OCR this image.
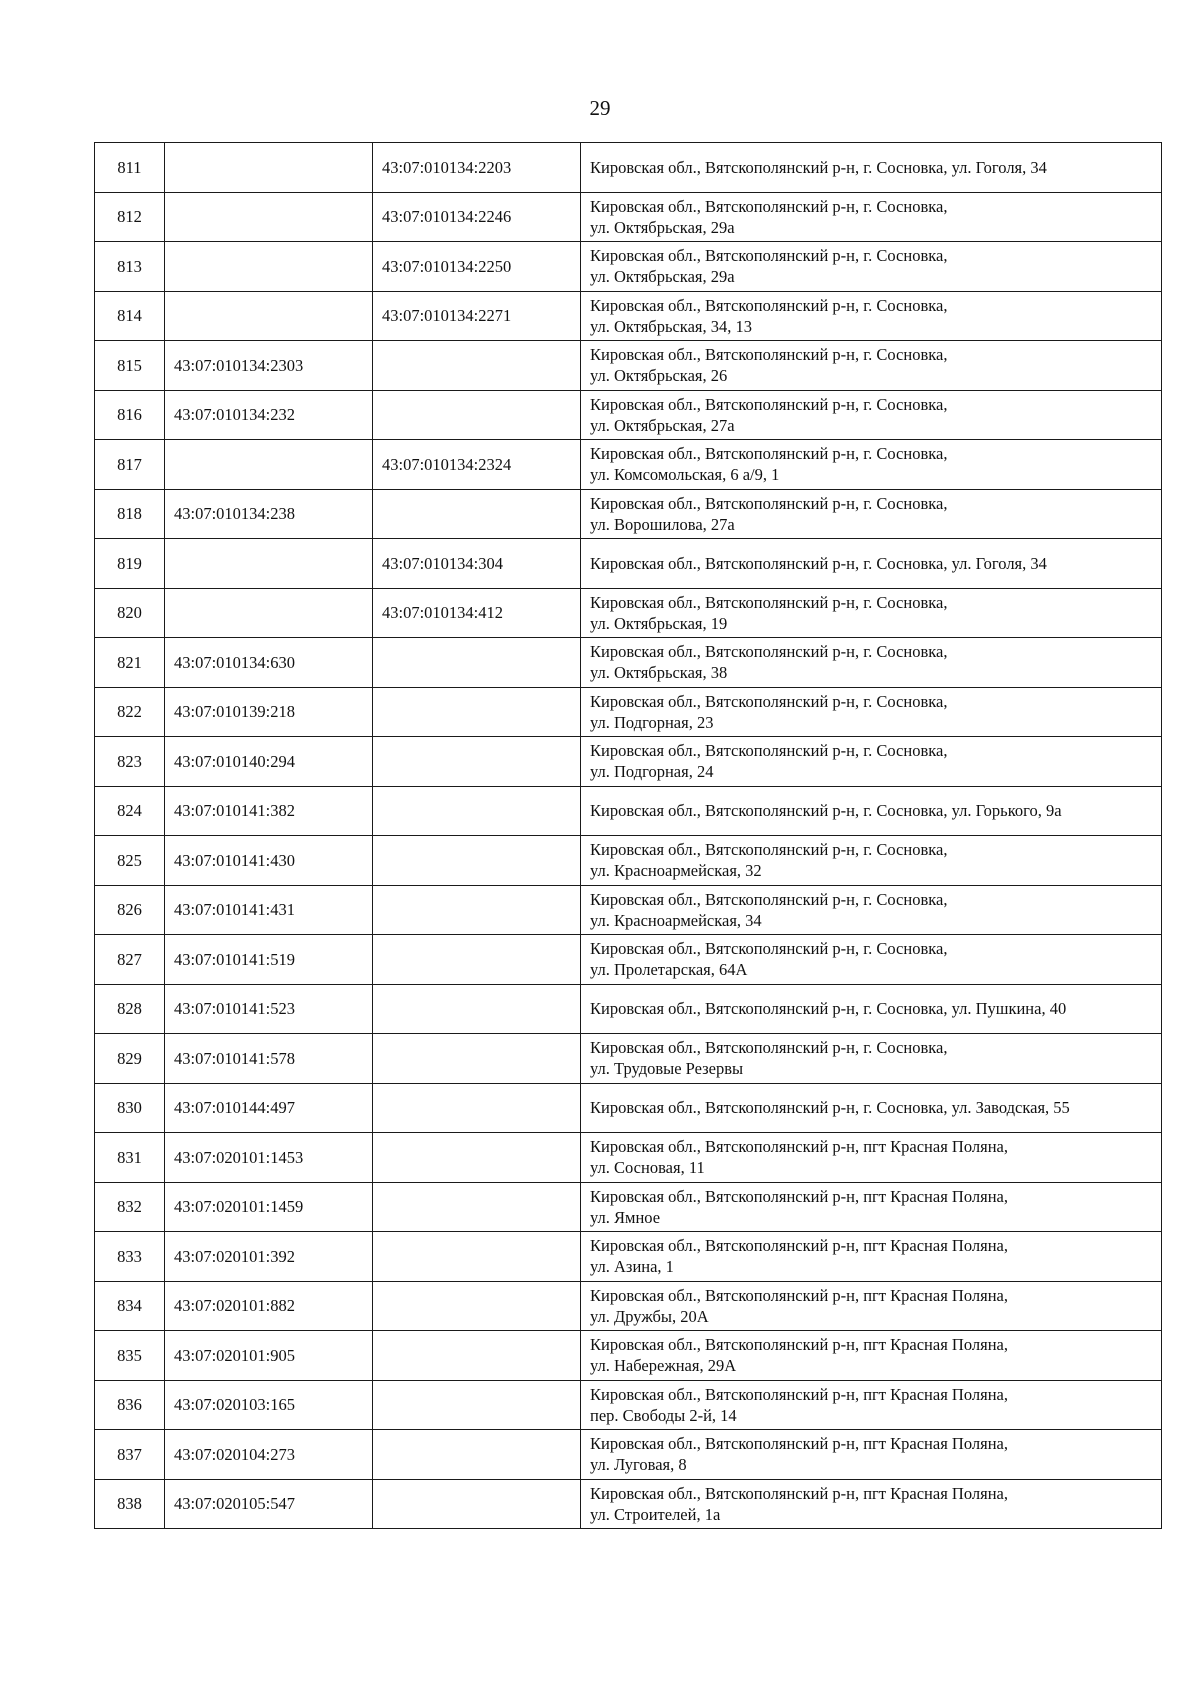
29
811		43:07:010134:2203	Кировская обл., Вятскополянский р-н, г. Сосновка, ул. Гоголя, 34

812		43:07:010134:2246	Кировская обл., Вятскополянский р-н, г. Сосновка,
ул. Октябрьская, 29а

813		43:07:010134:2250	Кировская обл., Вятскополянский р-н, г. Сосновка,
ул. Октябрьская, 29а

814		43:07:010134:2271	Кировская обл., Вятскополянский р-н, г. Сосновка,
ул. Октябрьская, 34, 13

815	43:07:010134:2303		Кировская обл., Вятскополянский р-н, г. Сосновка,
ул. Октябрьская, 26

816	43:07:010134:232		Кировская обл., Вятскополянский р-н, г. Сосновка,
ул. Октябрьская, 27а

817		43:07:010134:2324	Кировская обл., Вятскополянский р-н, г. Сосновка,
ул. Комсомольская, 6 а/9, 1

818	43:07:010134:238		Кировская обл., Вятскополянский р-н, г. Сосновка,
ул. Ворошилова, 27а

819		43:07:010134:304	Кировская обл., Вятскополянский р-н, г. Сосновка, ул. Гоголя, 34

820		43:07:010134:412	Кировская обл., Вятскополянский р-н, г. Сосновка,
ул. Октябрьская, 19

821	43:07:010134:630		Кировская обл., Вятскополянский р-н, г. Сосновка,
ул. Октябрьская, 38

822	43:07:010139:218		Кировская обл., Вятскополянский р-н, г. Сосновка,
ул. Подгорная, 23

823	43:07:010140:294		Кировская обл., Вятскополянский р-н, г. Сосновка,
ул. Подгорная, 24

824	43:07:010141:382		Кировская обл., Вятскополянский р-н, г. Сосновка, ул. Горького, 9а

825	43:07:010141:430		Кировская обл., Вятскополянский р-н, г. Сосновка,
ул. Красноармейская, 32

826	43:07:010141:431		Кировская обл., Вятскополянский р-н, г. Сосновка,
ул. Красноармейская, 34

827	43:07:010141:519		Кировская обл., Вятскополянский р-н, г. Сосновка,
ул. Пролетарская, 64А

828	43:07:010141:523		Кировская обл., Вятскополянский р-н, г. Сосновка, ул. Пушкина, 40

829	43:07:010141:578		Кировская обл., Вятскополянский р-н, г. Сосновка,
ул. Трудовые Резервы

830	43:07:010144:497		Кировская обл., Вятскополянский р-н, г. Сосновка, ул. Заводская, 55

831	43:07:020101:1453		Кировская обл., Вятскополянский р-н, пгт Красная Поляна,
ул. Сосновая, 11

832	43:07:020101:1459		Кировская обл., Вятскополянский р-н, пгт Красная Поляна,
ул. Ямное

833	43:07:020101:392		Кировская обл., Вятскополянский р-н, пгт Красная Поляна,
ул. Азина, 1

834	43:07:020101:882		Кировская обл., Вятскополянский р-н, пгт Красная Поляна,
ул. Дружбы, 20А

835	43:07:020101:905		Кировская обл., Вятскополянский р-н, пгт Красная Поляна,
ул. Набережная, 29А

836	43:07:020103:165		Кировская обл., Вятскополянский р-н, пгт Красная Поляна,
пер. Свободы 2-й, 14

837	43:07:020104:273		Кировская обл., Вятскополянский р-н, пгт Красная Поляна,
ул. Луговая, 8

838	43:07:020105:547		Кировская обл., Вятскополянский р-н, пгт Красная Поляна,
ул. Строителей, 1а
